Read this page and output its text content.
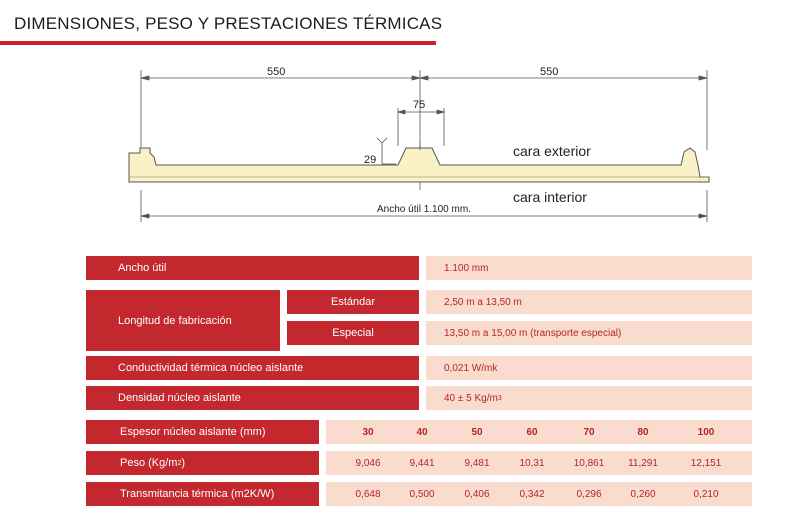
DIMENSIONES, PESO Y PRESTACIONES TÉRMICAS
550	550
75
29
cara exterior
cara interior
Ancho útil 1.100 mm.
Ancho útil	1.100 mm
Longitud de fabricación
Estándar	2,50 m a 13,50 m
Especial	13,50 m a 15,00 m (transporte especial)
Conductividad térmica núcleo aislante	0,021 W/mk
Densidad núcleo aislante	40 ± 5 Kg/m 3
Espesor núcleo aislante (mm)	30	40	50	60	70	80	100
Peso (Kg/m 2 )	9,046	9,441	9,481	10,31	10,861	11,291	12,151
Transmitancia térmica (m2K/W)	0,648	0,500	0,406	0,342	0,296	0,260	0,210
